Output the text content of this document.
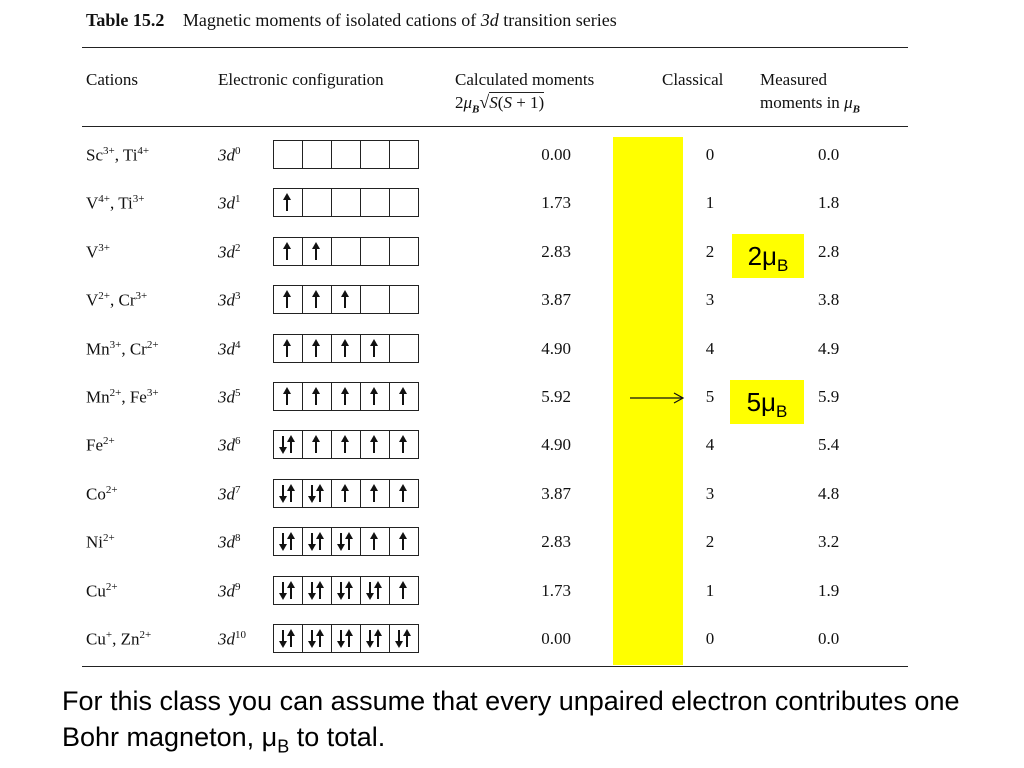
Table 15.2 Magnetic moments of isolated cations of 3d transition series
Cations	Electronic configuration	Calculated moments
$2\mu_B√S(S + 1)$
Classical Measured
moments in $\mu_B$
$Sc^{3+}$, $Ti^{4+}$	$3d^0$	0.00	0	0.0
$V^{4+}$, $Ti^{3+}$	$3d^1$	1.73	1	1.8
$V^{3+}$	$3d^2$	2.83	2	2.8
$V^{2+}$, $Cr^{3+}$	$3d^3$	3.87	3	3.8
$Mn^{3+}$, $Cr^{2+}$	$3d^4$	4.90	4	4.9
$Mn^{2+}$, $Fe^{3+}$	$3d^5$	5.92	5	5.9
$Fe^{2+}$	$3d^6$	4.90	4	5.4
$Co^{2+}$	$3d^7$	3.87	3	4.8
$Ni^{2+}$	$3d^8$	2.83	2	3.2
$Cu^{2+}$	$3d^9$	1.73	1	1.9
Cu+, $Zn^{2+}$	$3d^{10}$	0.00	0	0.0
$2\mu_B$
$5\mu_B$
For this class you can assume that every unpaired electron contributes one Bohr magneton, $\mu_B$ to total.
